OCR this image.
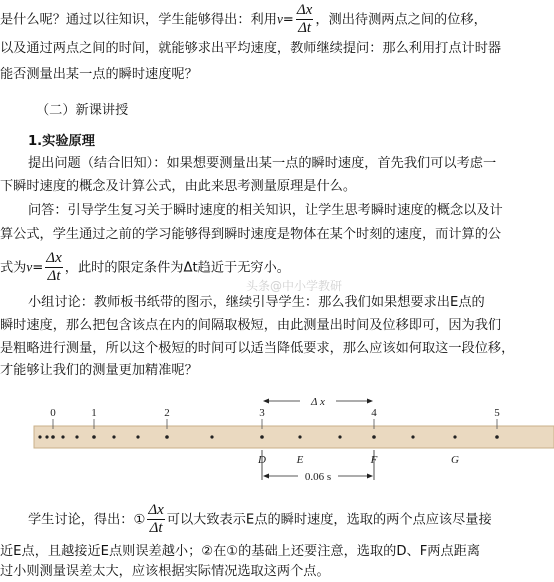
是什么呢？通过以往知识，学生能够得出：利用$v= \frac{\Delta x}{\Delta t}$ ，测出待测两点之间的位移，
以及通过两点之间的时间，就能够求出平均速度，教师继续提问：那么利用打点计时器
能否测量出某一点的瞬时速度呢？
（二）新课讲授
1.实验原理
提出问题（结合旧知）：如果想要测量出某一点的瞬时速度，首先我们可以考虑一
下瞬时速度的概念及计算公式，由此来思考测量原理是什么。
问答：引导学生复习关于瞬时速度的相关知识，让学生思考瞬时速度的概念以及计
算公式，学生通过之前的学习能够得到瞬时速度是物体在某个时刻的速度，而计算的公
式为$v= \frac{\Delta x}{\Delta t}$ ，此时的限定条件为Δt趋近于无穷小。
小组讨论：教师板书纸带的图示，继续引导学生：那么我们如果想要求出E点的
瞬时速度，那么把包含该点在内的间隔取极短，由此测量出时间及位移即可，因为我们
是粗略进行测量，所以这个极短的时间可以适当降低要求，那么应该如何取这一段位移，
才能够让我们的测量更加精准呢？
头条@中小学教研
0	1	2	3	4	5
Δ x
D	E	F	G
0.06 s
学生讨论，得出：① $\frac{\Delta x}{\Delta t}$ 可以大致表示E点的瞬时速度，选取的两个点应该尽量接
近E点，且越接近E点则误差越小；②在①的基础上还要注意，选取的D、F两点距离
过小则测量误差太大，应该根据实际情况选取这两个点。
